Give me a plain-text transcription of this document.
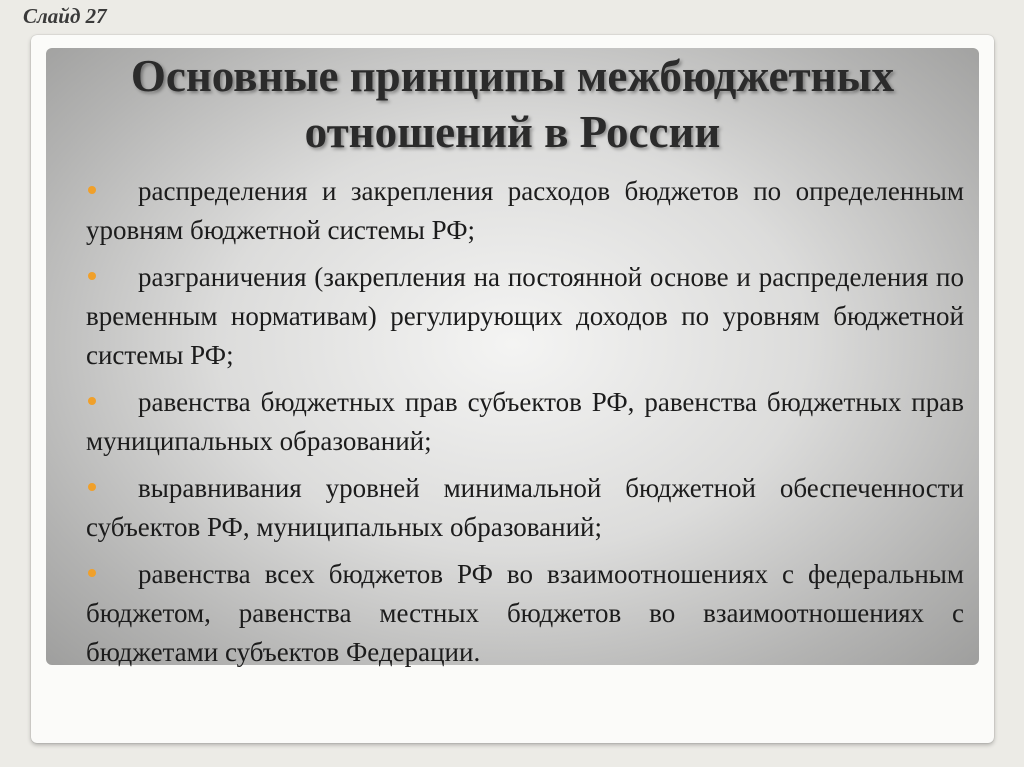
Слайд 27
Основные принципы межбюджетных
отношений в России
распределения и закрепления расходов бюджетов по определенным уровням бюджетной системы РФ;
разграничения (закрепления на постоянной основе и распределения по временным нормативам) регулирующих доходов по уровням бюджетной системы РФ;
равенства бюджетных прав субъектов РФ, равенства бюджетных прав муниципальных образований;
выравнивания уровней минимальной бюджетной обеспеченности субъектов РФ, муниципальных образований;
равенства всех бюджетов РФ во взаимоотношениях с федеральным бюджетом, равенства местных бюджетов во взаимоотношениях с бюджетами субъектов Федерации.
